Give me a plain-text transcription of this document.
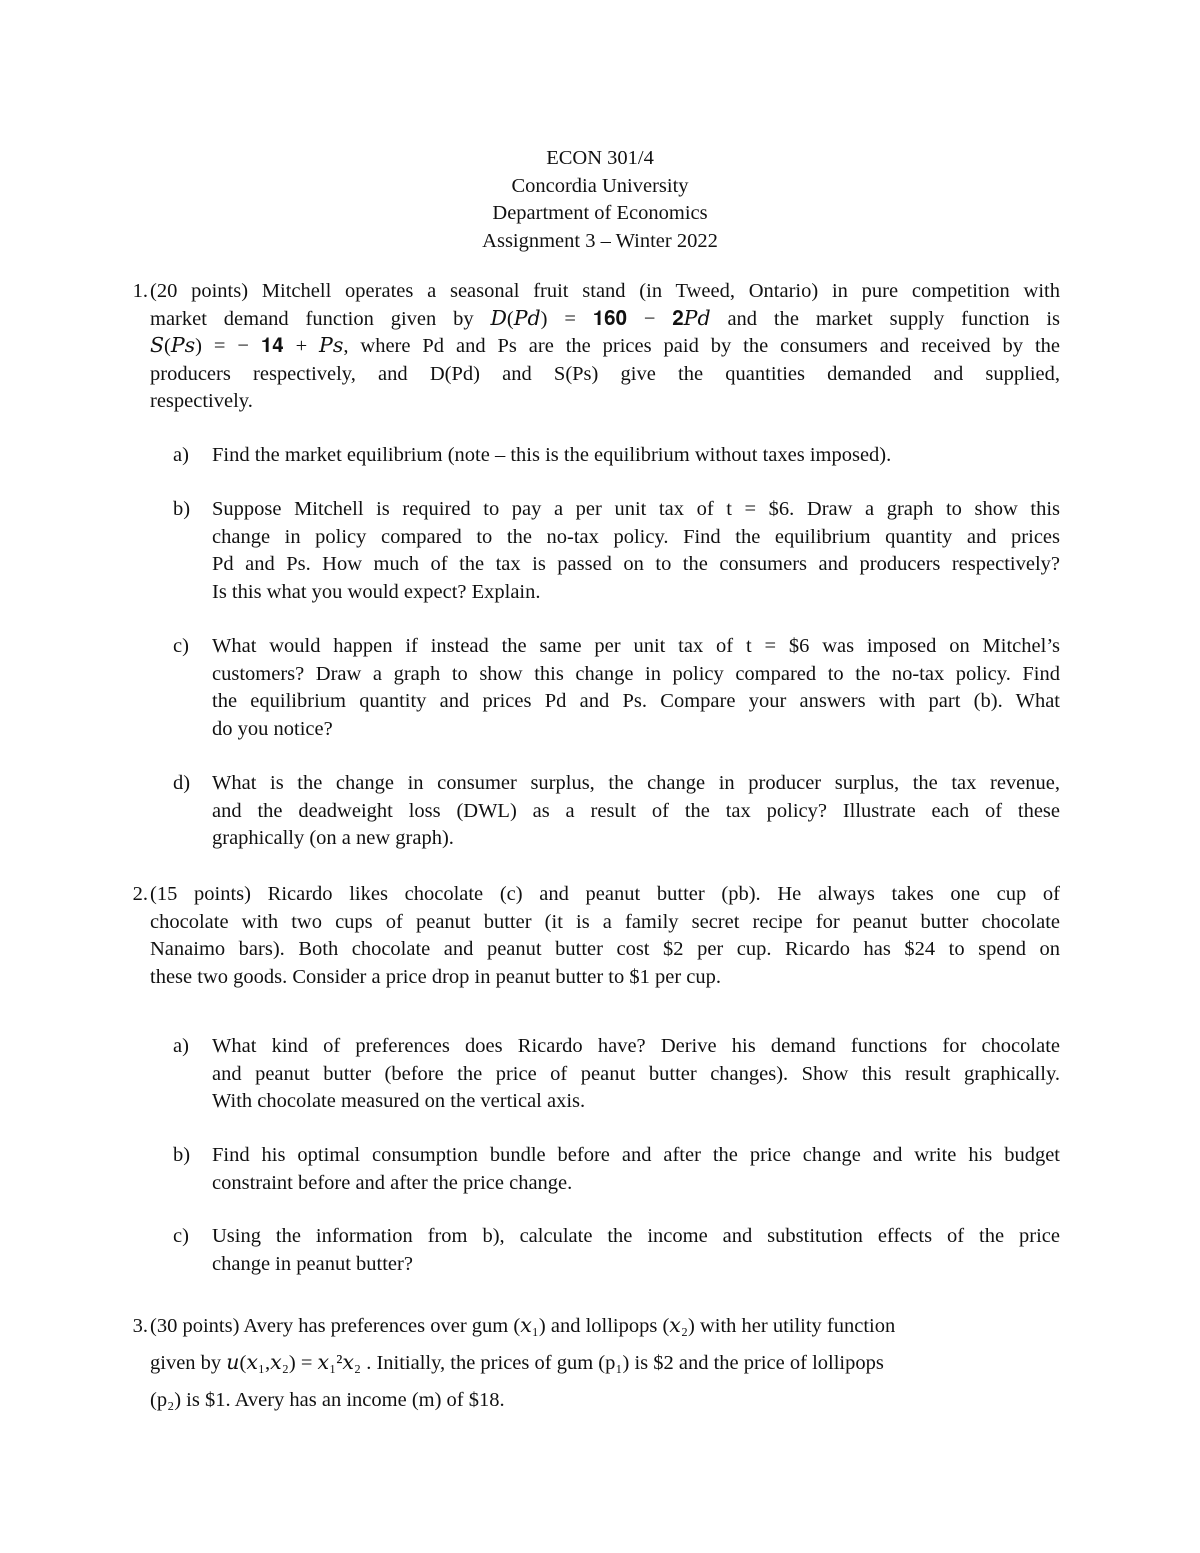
ECON 301/4
Concordia University
Department of Economics
Assignment 3 – Winter 2022
1. (20 points) Mitchell operates a seasonal fruit stand (in Tweed, Ontario) in pure competition with
market demand function given by 𝐷(𝑃𝑑) = 𝟏𝟔𝟎 − 𝟐𝑃𝑑 and the market supply function is
𝑆(𝑃𝑠) = − 𝟏𝟒 + 𝑃𝑠, where Pd and Ps are the prices paid by the consumers and received by the
producers respectively, and D(Pd) and S(Ps) give the quantities demanded and supplied,
respectively.
a)	Find the market equilibrium (note – this is the equilibrium without taxes imposed).
b)	Suppose Mitchell is required to pay a per unit tax of t = $6. Draw a graph to show this
change in policy compared to the no-tax policy. Find the equilibrium quantity and prices
Pd and Ps. How much of the tax is passed on to the consumers and producers respectively?
Is this what you would expect? Explain.
c)	What would happen if instead the same per unit tax of t = $6 was imposed on Mitchel’s
customers? Draw a graph to show this change in policy compared to the no-tax policy. Find
the equilibrium quantity and prices Pd and Ps. Compare your answers with part (b). What
do you notice?
d)	What is the change in consumer surplus, the change in producer surplus, the tax revenue,
and the deadweight loss (DWL) as a result of the tax policy? Illustrate each of these
graphically (on a new graph).
2. (15 points) Ricardo likes chocolate (c) and peanut butter (pb). He always takes one cup of
chocolate with two cups of peanut butter (it is a family secret recipe for peanut butter chocolate
Nanaimo bars). Both chocolate and peanut butter cost $2 per cup. Ricardo has $24 to spend on
these two goods. Consider a price drop in peanut butter to $1 per cup.
a)	What kind of preferences does Ricardo have? Derive his demand functions for chocolate
and peanut butter (before the price of peanut butter changes). Show this result graphically.
With chocolate measured on the vertical axis.
b)	Find his optimal consumption bundle before and after the price change and write his budget
constraint before and after the price change.
c)	Using the information from b), calculate the income and substitution effects of the price
change in peanut butter?
3. (30 points) Avery has preferences over gum (𝑥₁) and lollipops (𝑥₂) with her utility function
given by 𝑢(𝑥₁,𝑥₂) = 𝑥₁²𝑥₂ . Initially, the prices of gum (p₁) is $2 and the price of lollipops
(p₂) is $1. Avery has an income (m) of $18.
